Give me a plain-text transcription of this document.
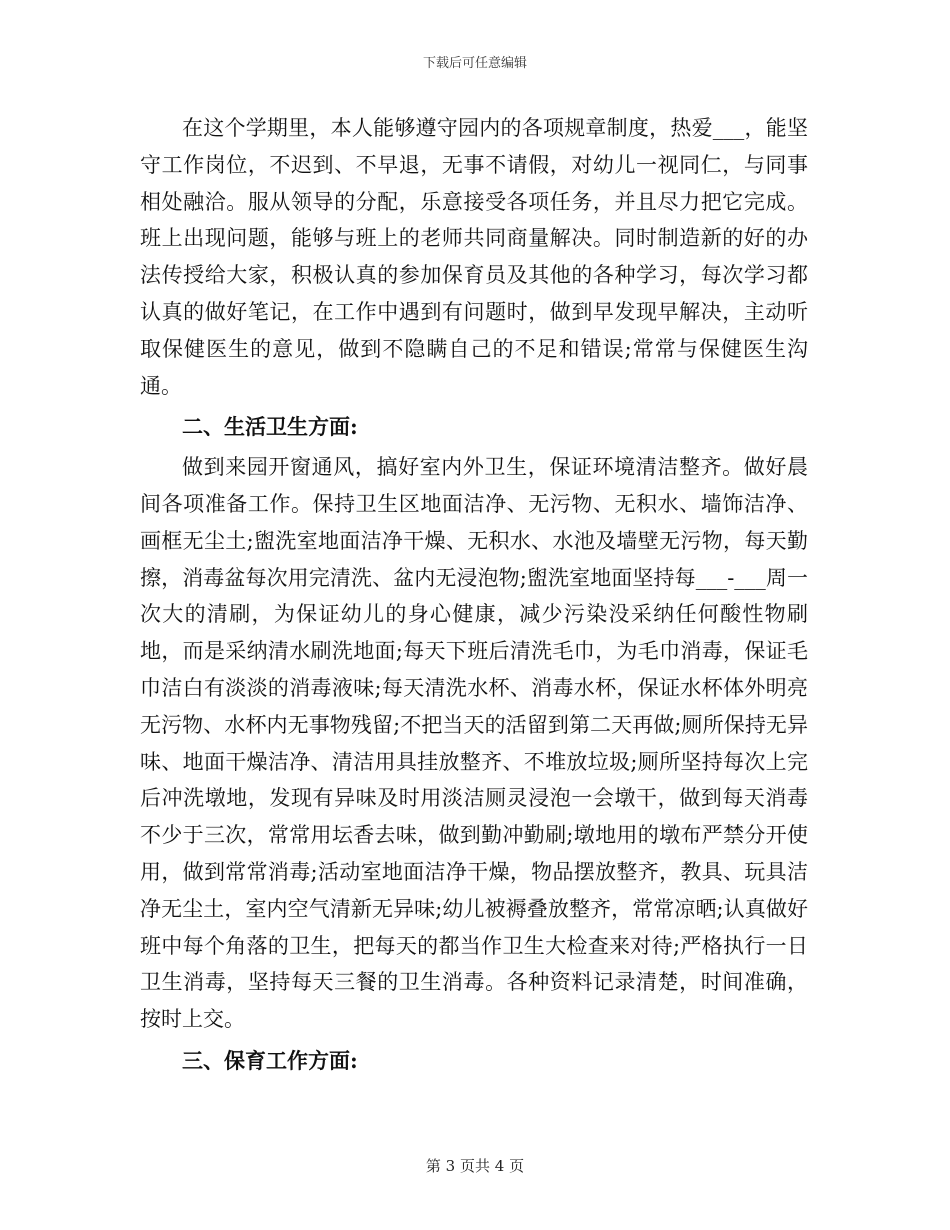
下载后可任意编辑

在这个学期里，本人能够遵守园内的各项规章制度，热爱___，能坚守工作岗位，不迟到、不早退，无事不请假，对幼儿一视同仁，与同事相处融洽。服从领导的分配，乐意接受各项任务，并且尽力把它完成。班上出现问题，能够与班上的老师共同商量解决。同时制造新的好的办法传授给大家，积极认真的参加保育员及其他的各种学习，每次学习都认真的做好笔记，在工作中遇到有问题时，做到早发现早解决，主动听取保健医生的意见，做到不隐瞒自己的不足和错误;常常与保健医生沟通。

二、生活卫生方面:

做到来园开窗通风，搞好室内外卫生，保证环境清洁整齐。做好晨间各项准备工作。保持卫生区地面洁净、无污物、无积水、墙饰洁净、画框无尘土;盥洗室地面洁净干燥、无积水、水池及墙壁无污物，每天勤擦，消毒盆每次用完清洗、盆内无浸泡物;盥洗室地面坚持每___-___周一次大的清刷，为保证幼儿的身心健康，减少污染没采纳任何酸性物刷地，而是采纳清水刷洗地面;每天下班后清洗毛巾，为毛巾消毒，保证毛巾洁白有淡淡的消毒液味;每天清洗水杯、消毒水杯，保证水杯体外明亮无污物、水杯内无事物残留;不把当天的活留到第二天再做;厕所保持无异味、地面干燥洁净、清洁用具挂放整齐、不堆放垃圾;厕所坚持每次上完后冲洗墩地，发现有异味及时用淡洁厕灵浸泡一会墩干，做到每天消毒不少于三次，常常用坛香去味，做到勤冲勤刷;墩地用的墩布严禁分开使用，做到常常消毒;活动室地面洁净干燥，物品摆放整齐，教具、玩具洁净无尘土，室内空气清新无异味;幼儿被褥叠放整齐，常常凉晒;认真做好班中每个角落的卫生，把每天的都当作卫生大检查来对待;严格执行一日卫生消毒，坚持每天三餐的卫生消毒。各种资料记录清楚，时间准确，按时上交。

三、保育工作方面:
第 3 页共 4 页
